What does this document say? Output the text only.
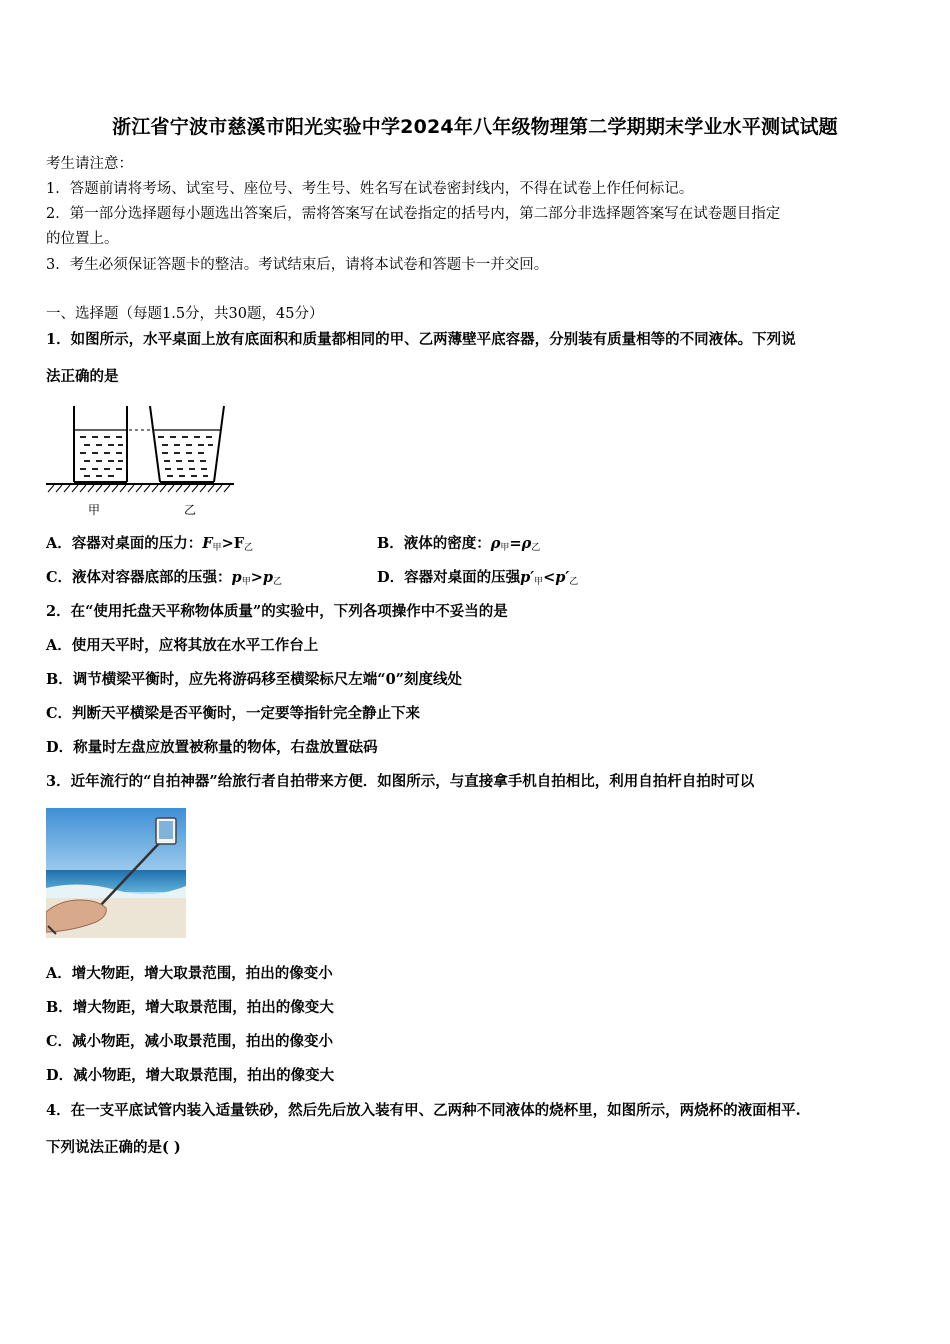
浙江省宁波市慈溪市阳光实验中学2024年八年级物理第二学期期末学业水平测试试题
考生请注意：
1．答题前请将考场、试室号、座位号、考生号、姓名写在试卷密封线内，不得在试卷上作任何标记。
2．第一部分选择题每小题选出答案后，需将答案写在试卷指定的括号内，第二部分非选择题答案写在试卷题目指定
的位置上。
3．考生必须保证答题卡的整洁。考试结束后，请将本试卷和答题卡一并交回。
一、选择题（每题1.5分，共30题，45分）
1．如图所示，水平桌面上放有底面积和质量都相同的甲、乙两薄壁平底容器，分别装有质量相等的不同液体。下列说
法正确的是
甲	乙
A．容器对桌面的压力：$F_甲>F_乙$	B．液体的密度：$\rho_甲=\rho_乙$
C．液体对容器底部的压强：$p_甲>p_乙$	D．容器对桌面的压强$p'_甲<p'_乙$
2．在“使用托盘天平称物体质量”的实验中，下列各项操作中不妥当的是
A．使用天平时，应将其放在水平工作台上
B．调节横梁平衡时，应先将游码移至横梁标尺左端“0”刻度线处
C．判断天平横梁是否平衡时，一定要等指针完全静止下来
D．称量时左盘应放置被称量的物体，右盘放置砝码
3．近年流行的“自拍神器”给旅行者自拍带来方便．如图所示，与直接拿手机自拍相比，利用自拍杆自拍时可以
A．增大物距，增大取景范围，拍出的像变小
B．增大物距，增大取景范围，拍出的像变大
C．减小物距，减小取景范围，拍出的像变小
D．减小物距，增大取景范围，拍出的像变大
4．在一支平底试管内装入适量铁砂，然后先后放入装有甲、乙两种不同液体的烧杯里，如图所示，两烧杯的液面相平.
下列说法正确的是( )
